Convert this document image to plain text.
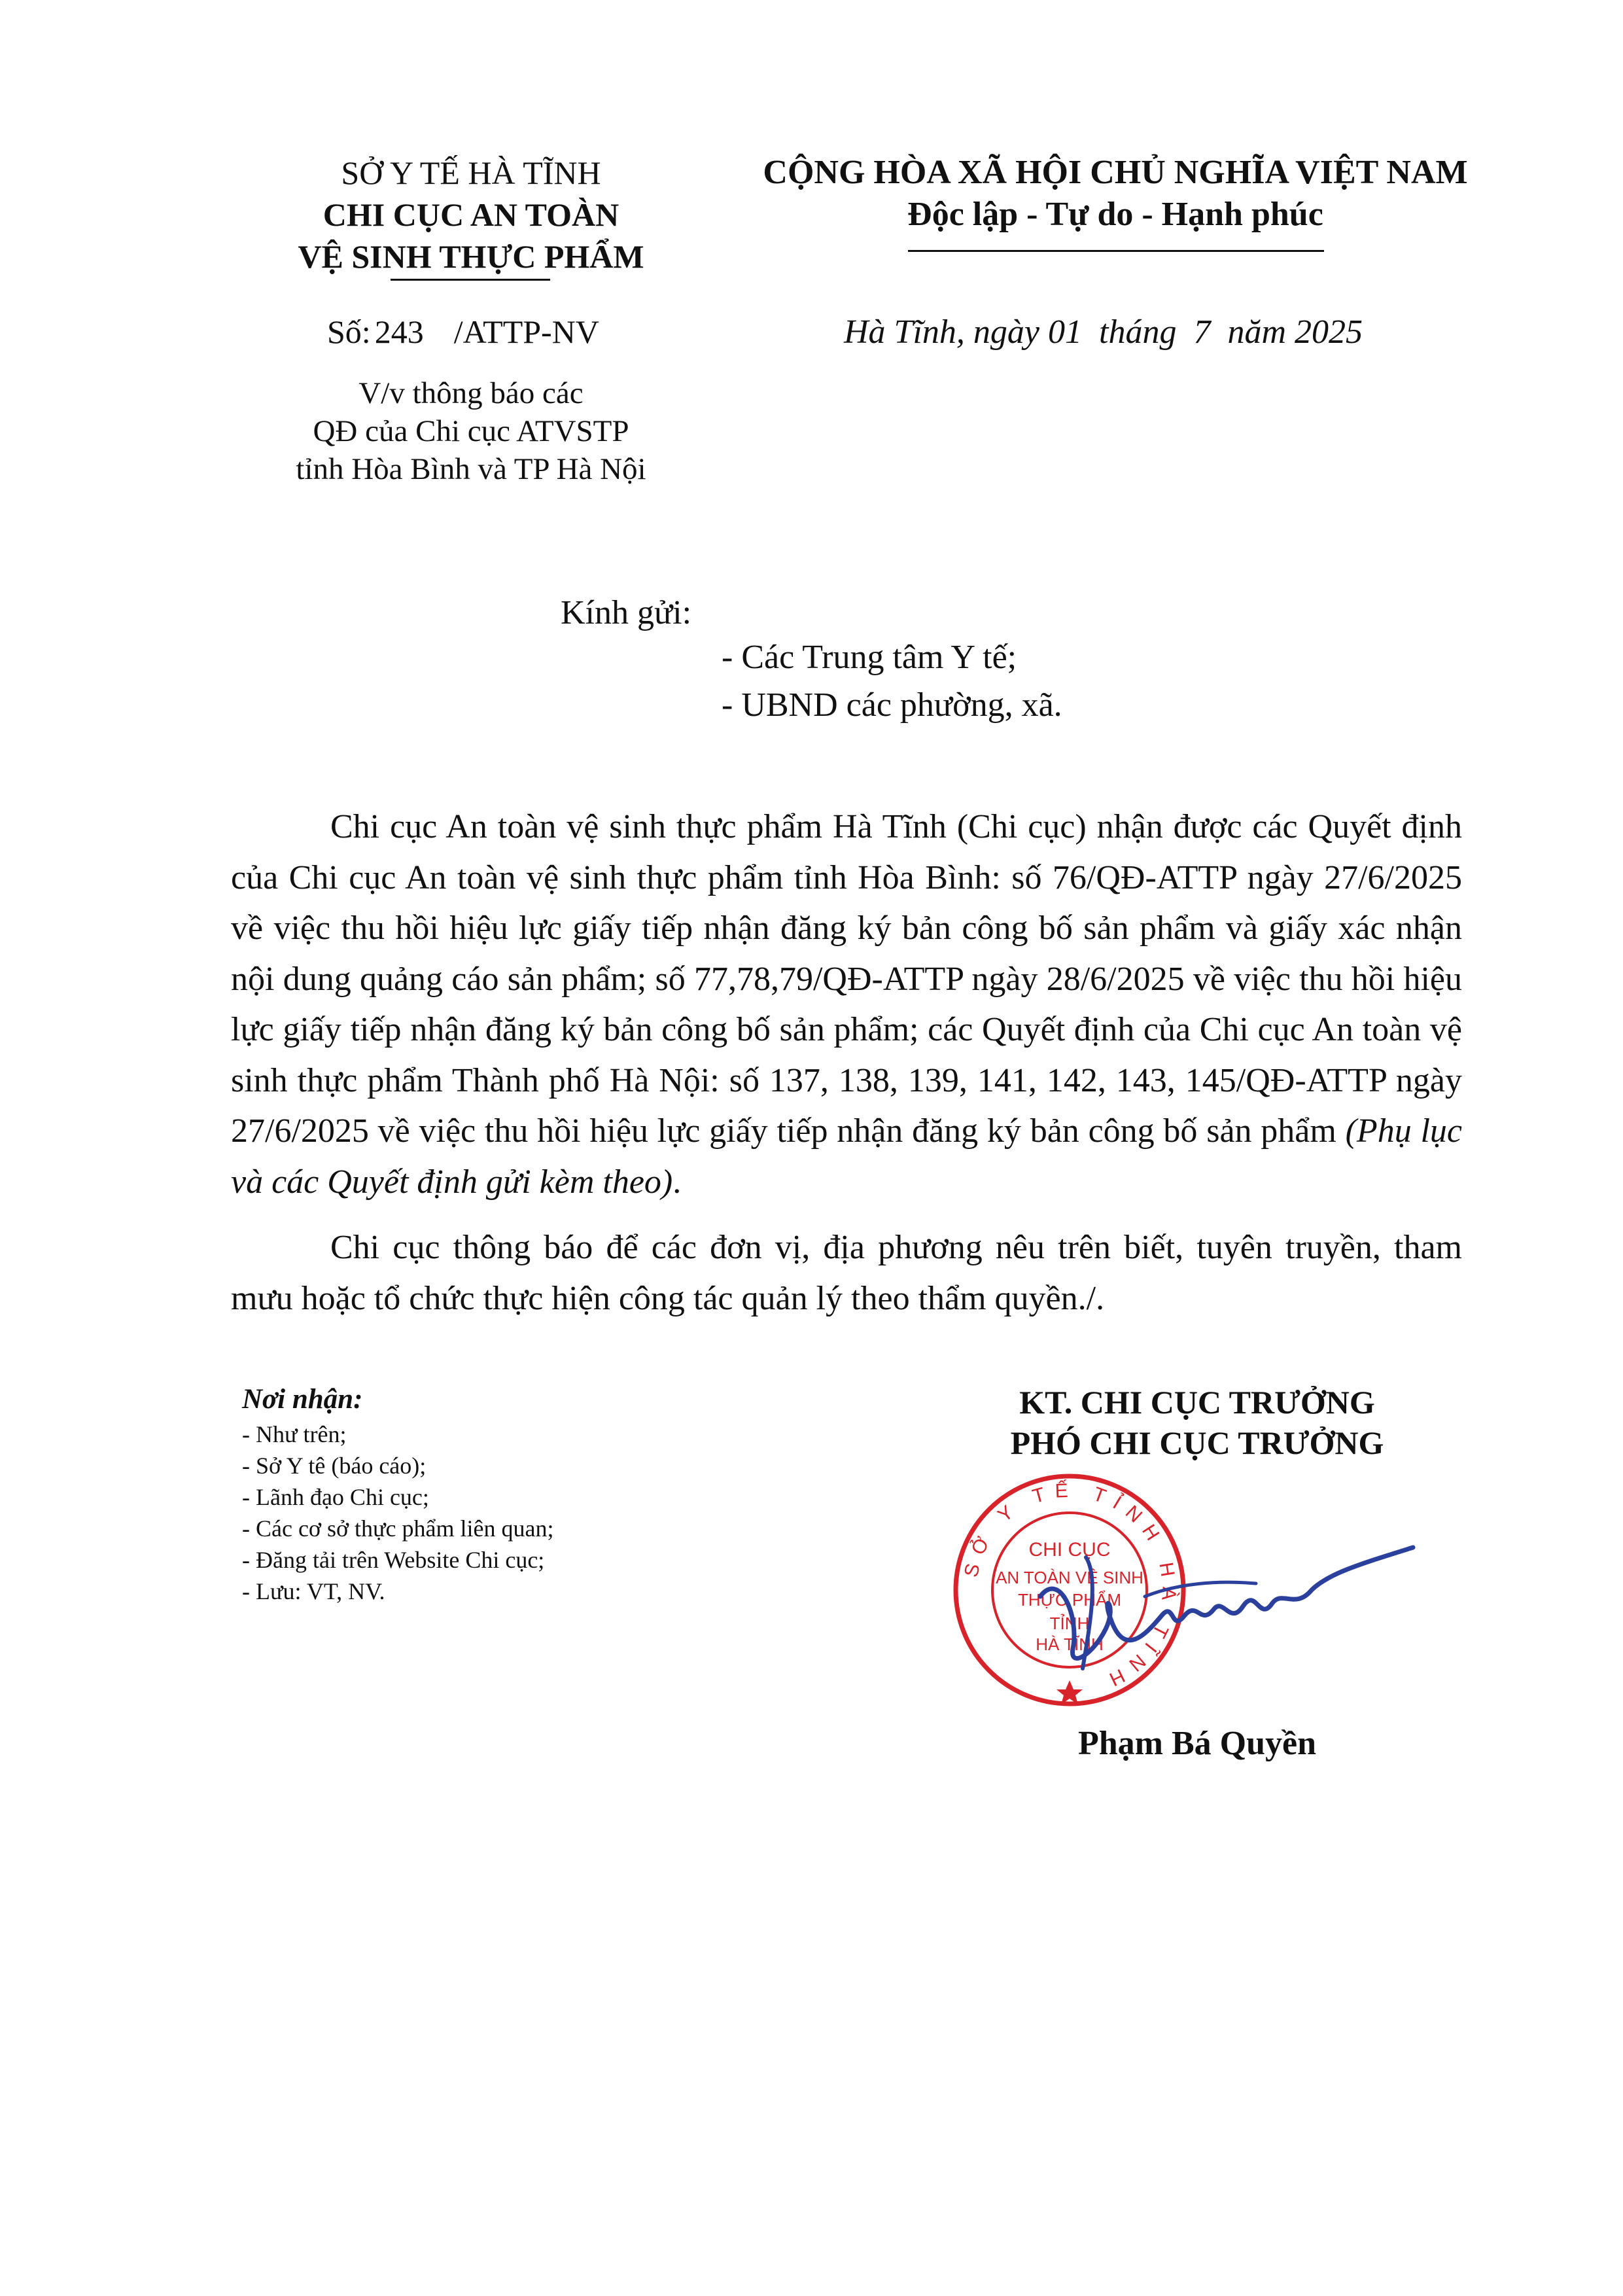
SỞ Y TẾ HÀ TĨNH
CHI CỤC AN TOÀN
VỆ SINH THỰC PHẨM
CỘNG HÒA XÃ HỘI CHỦ NGHĨA VIỆT NAM
Độc lập - Tự do - Hạnh phúc
Số: 243 /ATTP-NV	Hà Tĩnh, ngày 01  tháng  7  năm 2025
V/v thông báo các
QĐ của Chi cục ATVSTP
tỉnh Hòa Bình và TP Hà Nội
Kính gửi:
- Các Trung tâm Y tế;
- UBND các phường, xã.
Chi cục An toàn vệ sinh thực phẩm Hà Tĩnh (Chi cục) nhận được các Quyết định của Chi cục An toàn vệ sinh thực phẩm tỉnh Hòa Bình: số 76/QĐ-ATTP ngày 27/6/2025 về việc thu hồi hiệu lực giấy tiếp nhận đăng ký bản công bố sản phẩm và giấy xác nhận nội dung quảng cáo sản phẩm; số 77,78,79/QĐ-ATTP ngày 28/6/2025 về việc thu hồi hiệu lực giấy tiếp nhận đăng ký bản công bố sản phẩm; các Quyết định của Chi cục An toàn vệ sinh thực phẩm Thành phố Hà Nội: số 137, 138, 139, 141, 142, 143, 145/QĐ-ATTP ngày 27/6/2025 về việc thu hồi hiệu lực giấy tiếp nhận đăng ký bản công bố sản phẩm (Phụ lục và các Quyết định gửi kèm theo).
Chi cục thông báo để các đơn vị, địa phương nêu trên biết, tuyên truyền, tham mưu hoặc tổ chức thực hiện công tác quản lý theo thẩm quyền./.
Nơi nhận:
- Như trên;
- Sở Y tê (báo cáo);
- Lãnh đạo Chi cục;
- Các cơ sở thực phẩm liên quan;
- Đăng tải trên Website Chi cục;
- Lưu: VT, NV.
KT. CHI CỤC TRƯỞNG
PHÓ CHI CỤC TRƯỞNG
SỞ Y TẾ TỈNH HÀ TĨNH
CHI CỤC
AN TOÀN VỆ SINH
THỰC PHẨM
TỈNH
HÀ TĨNH
Phạm Bá Quyền
